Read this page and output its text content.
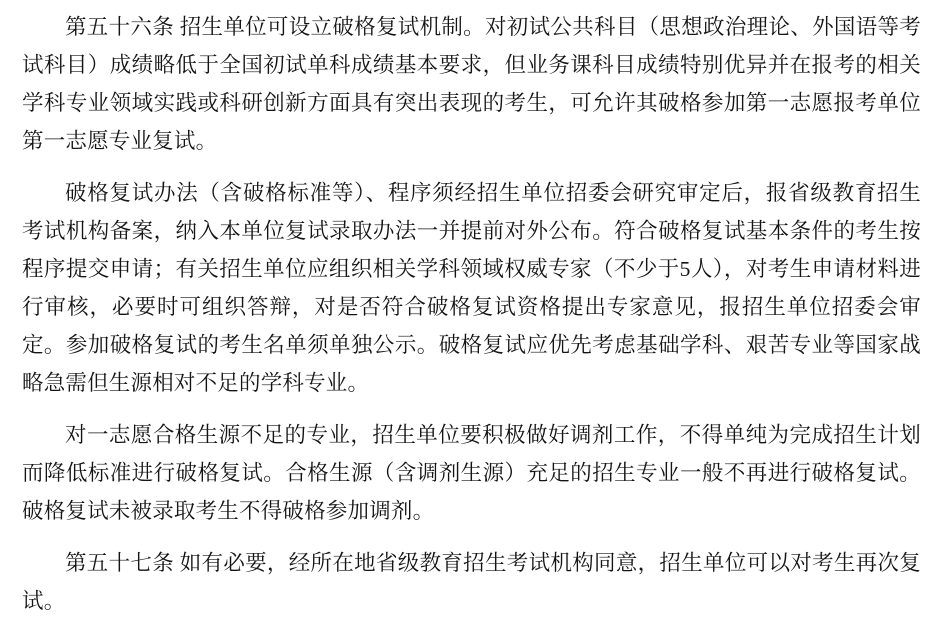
第五十六条 招生单位可设立破格复试机制。对初试公共科目（思想政治理论、外国语等考试科目）成绩略低于全国初试单科成绩基本要求，但业务课科目成绩特别优异并在报考的相关学科专业领域实践或科研创新方面具有突出表现的考生，可允许其破格参加第一志愿报考单位第一志愿专业复试。

破格复试办法（含破格标准等）、程序须经招生单位招委会研究审定后，报省级教育招生考试机构备案，纳入本单位复试录取办法一并提前对外公布。符合破格复试基本条件的考生按程序提交申请；有关招生单位应组织相关学科领域权威专家（不少于5人），对考生申请材料进行审核，必要时可组织答辩，对是否符合破格复试资格提出专家意见，报招生单位招委会审定。参加破格复试的考生名单须单独公示。破格复试应优先考虑基础学科、艰苦专业等国家战略急需但生源相对不足的学科专业。

对一志愿合格生源不足的专业，招生单位要积极做好调剂工作，不得单纯为完成招生计划而降低标准进行破格复试。合格生源（含调剂生源）充足的招生专业一般不再进行破格复试。破格复试未被录取考生不得破格参加调剂。

第五十七条 如有必要，经所在地省级教育招生考试机构同意，招生单位可以对考生再次复试。
